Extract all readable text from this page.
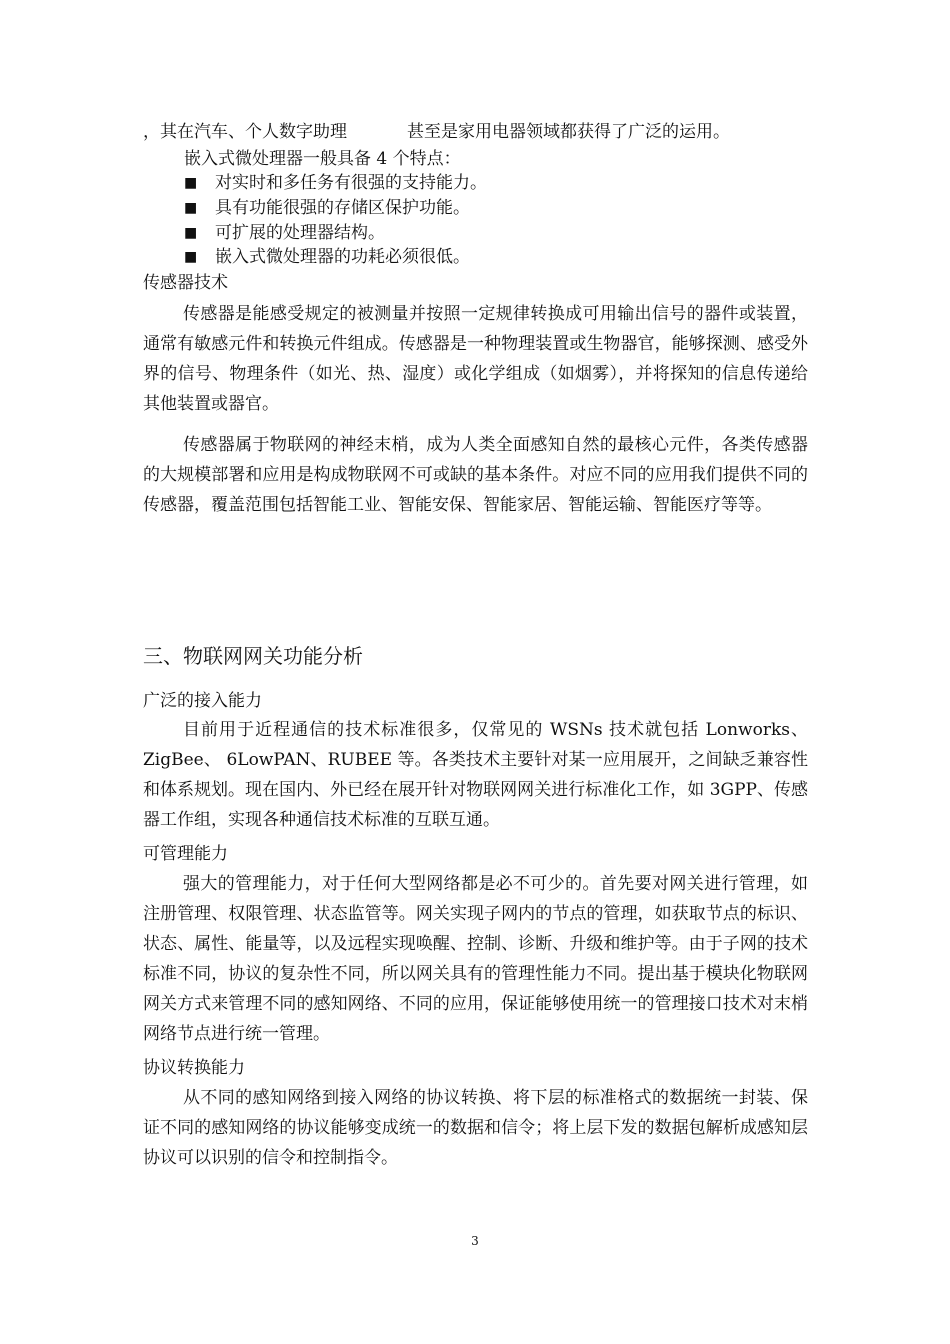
，其在汽车、个人数字助理	甚至是家用电器领域都获得了广泛的运用。
嵌入式微处理器一般具备 4 个特点：
■ 对实时和多任务有很强的支持能力。
■ 具有功能很强的存储区保护功能。
■ 可扩展的处理器结构。
■ 嵌入式微处理器的功耗必须很低。
传感器技术
传感器是能感受规定的被测量并按照一定规律转换成可用输出信号的器件或装置，通常有敏感元件和转换元件组成。传感器是一种物理装置或生物器官，能够探测、感受外界的信号、物理条件（如光、热、湿度）或化学组成（如烟雾），并将探知的信息传递给其他装置或器官。
传感器属于物联网的神经末梢，成为人类全面感知自然的最核心元件，各类传感器的大规模部署和应用是构成物联网不可或缺的基本条件。对应不同的应用我们提供不同的传感器，覆盖范围包括智能工业、智能安保、智能家居、智能运输、智能医疗等等。
三、物联网网关功能分析
广泛的接入能力
目前用于近程通信的技术标准很多，仅常见的 WSNs 技术就包括 Lonworks、ZigBee、 6LowPAN、RUBEE 等。各类技术主要针对某一应用展开，之间缺乏兼容性和体系规划。现在国内、外已经在展开针对物联网网关进行标准化工作，如 3GPP、传感器工作组，实现各种通信技术标准的互联互通。
可管理能力
强大的管理能力，对于任何大型网络都是必不可少的。首先要对网关进行管理，如注册管理、权限管理、状态监管等。网关实现子网内的节点的管理，如获取节点的标识、状态、属性、能量等，以及远程实现唤醒、控制、诊断、升级和维护等。由于子网的技术标准不同，协议的复杂性不同，所以网关具有的管理性能力不同。提出基于模块化物联网网关方式来管理不同的感知网络、不同的应用，保证能够使用统一的管理接口技术对末梢网络节点进行统一管理。
协议转换能力
从不同的感知网络到接入网络的协议转换、将下层的标准格式的数据统一封装、保证不同的感知网络的协议能够变成统一的数据和信令；将上层下发的数据包解析成感知层协议可以识别的信令和控制指令。
3
